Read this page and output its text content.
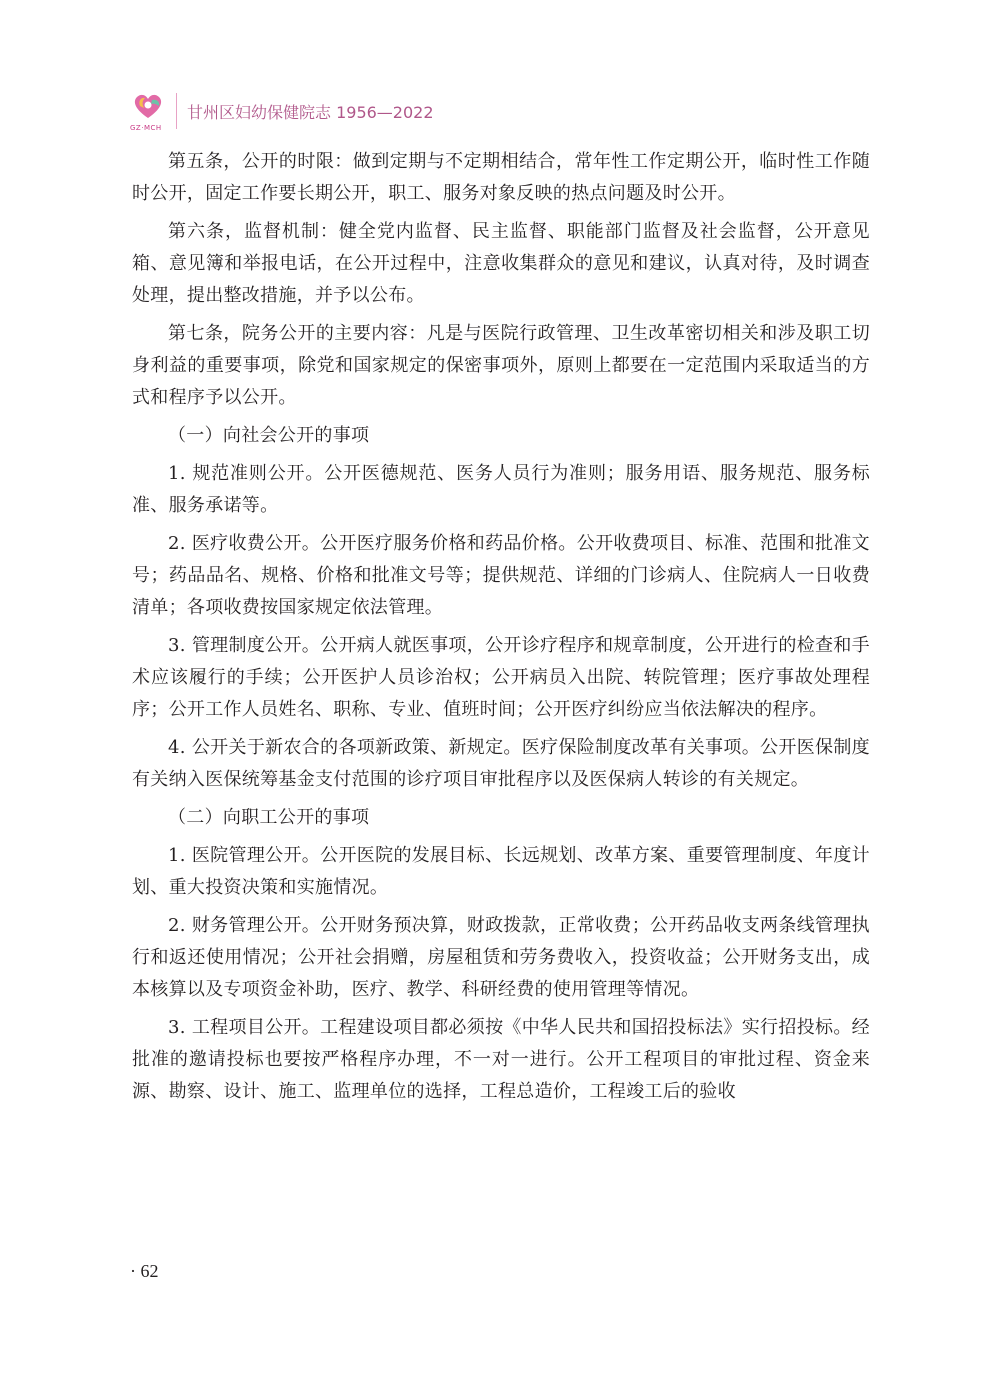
GZ·MCH
甘州区妇幼保健院志 1956—2022

第五条，公开的时限：做到定期与不定期相结合，常年性工作定期公开，临时性工作随时公开，固定工作要长期公开，职工、服务对象反映的热点问题及时公开。

第六条，监督机制：健全党内监督、民主监督、职能部门监督及社会监督，公开意见箱、意见簿和举报电话，在公开过程中，注意收集群众的意见和建议，认真对待，及时调查处理，提出整改措施，并予以公布。

第七条，院务公开的主要内容：凡是与医院行政管理、卫生改革密切相关和涉及职工切身利益的重要事项，除党和国家规定的保密事项外，原则上都要在一定范围内采取适当的方式和程序予以公开。

（一）向社会公开的事项

1. 规范准则公开。公开医德规范、医务人员行为准则；服务用语、服务规范、服务标准、服务承诺等。

2. 医疗收费公开。公开医疗服务价格和药品价格。公开收费项目、标准、范围和批准文号；药品品名、规格、价格和批准文号等；提供规范、详细的门诊病人、住院病人一日收费清单；各项收费按国家规定依法管理。

3. 管理制度公开。公开病人就医事项，公开诊疗程序和规章制度，公开进行的检查和手术应该履行的手续；公开医护人员诊治权；公开病员入出院、转院管理；医疗事故处理程序；公开工作人员姓名、职称、专业、值班时间；公开医疗纠纷应当依法解决的程序。

4. 公开关于新农合的各项新政策、新规定。医疗保险制度改革有关事项。公开医保制度有关纳入医保统筹基金支付范围的诊疗项目审批程序以及医保病人转诊的有关规定。

（二）向职工公开的事项

1. 医院管理公开。公开医院的发展目标、长远规划、改革方案、重要管理制度、年度计划、重大投资决策和实施情况。

2. 财务管理公开。公开财务预决算，财政拨款，正常收费；公开药品收支两条线管理执行和返还使用情况；公开社会捐赠，房屋租赁和劳务费收入，投资收益；公开财务支出，成本核算以及专项资金补助，医疗、教学、科研经费的使用管理等情况。

3. 工程项目公开。工程建设项目都必须按《中华人民共和国招投标法》实行招投标。经批准的邀请投标也要按严格程序办理，不一对一进行。公开工程项目的审批过程、资金来源、勘察、设计、施工、监理单位的选择，工程总造价，工程竣工后的验收

· 62
